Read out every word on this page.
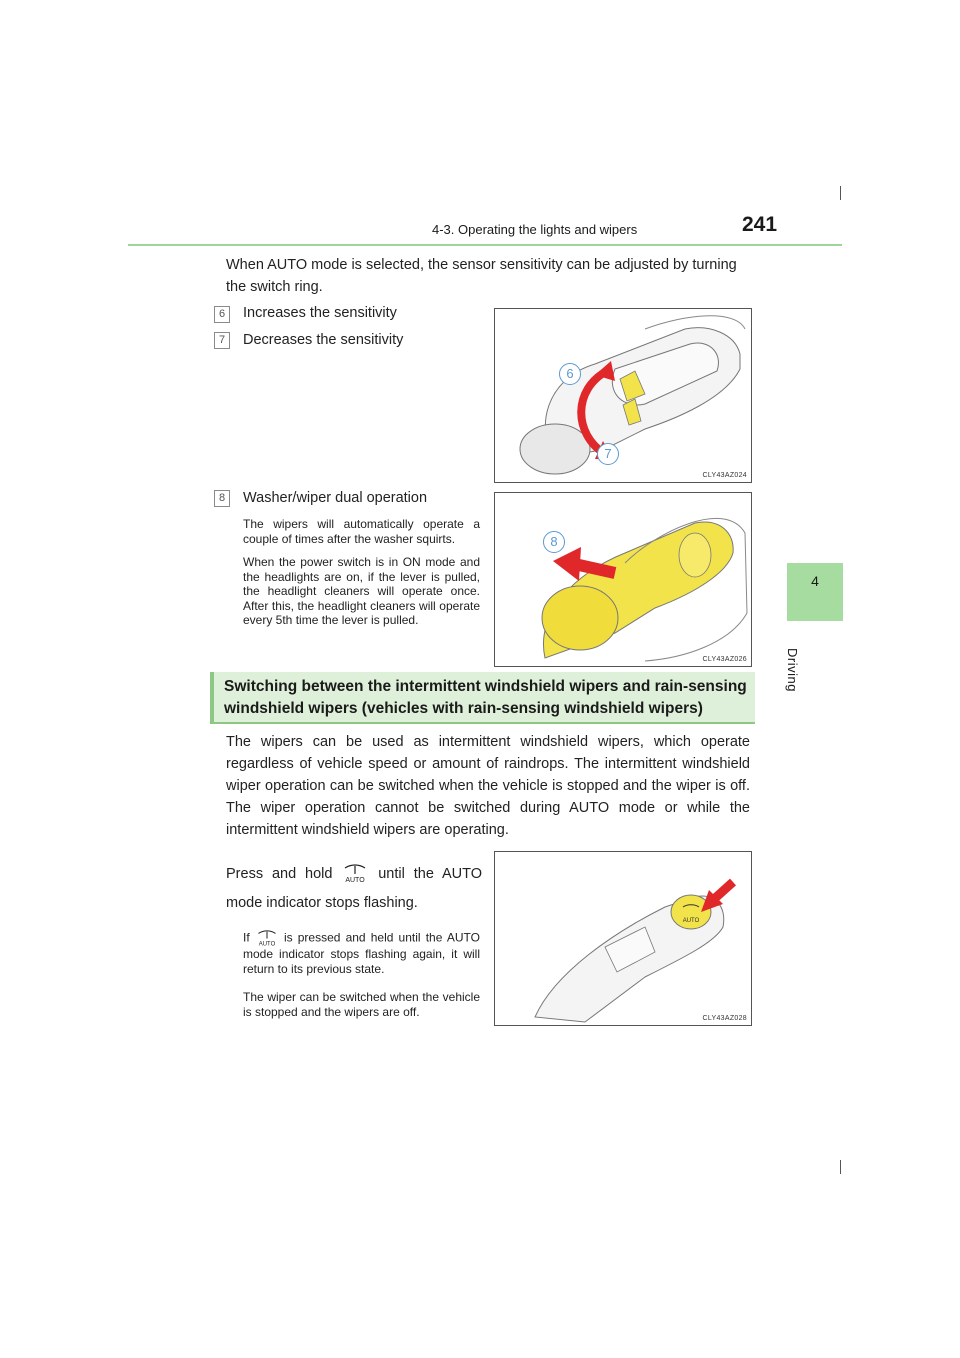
4-3. Operating the lights and wipers	241
4
Driving
When AUTO mode is selected, the sensor sensitivity can be adjusted by turning the switch ring.
6	Increases the sensitivity
7	Decreases the sensitivity
6
7
CLY43AZ024
8	Washer/wiper dual operation
The wipers will automatically operate a couple of times after the washer squirts.
When the power switch is in ON mode and the headlights are on, if the lever is pulled, the headlight cleaners will operate once. After this, the headlight cleaners will operate every 5th time the lever is pulled.
8
CLY43AZ026
Switching between the intermittent windshield wipers and rain-sensing windshield wipers (vehicles with rain-sensing windshield wipers)
The wipers can be used as intermittent windshield wipers, which operate regardless of vehicle speed or amount of raindrops. The intermittent windshield wiper operation can be switched when the vehicle is stopped and the wiper is off. The wiper operation cannot be switched during AUTO mode or while the intermittent windshield wipers are operating.
Press and hold AUTO until the AUTO mode indicator stops flashing.
If AUTO is pressed and held until the AUTO mode indicator stops flashing again, it will return to its previous state.
The wiper can be switched when the vehicle is stopped and the wipers are off.
AUTO
CLY43AZ028
